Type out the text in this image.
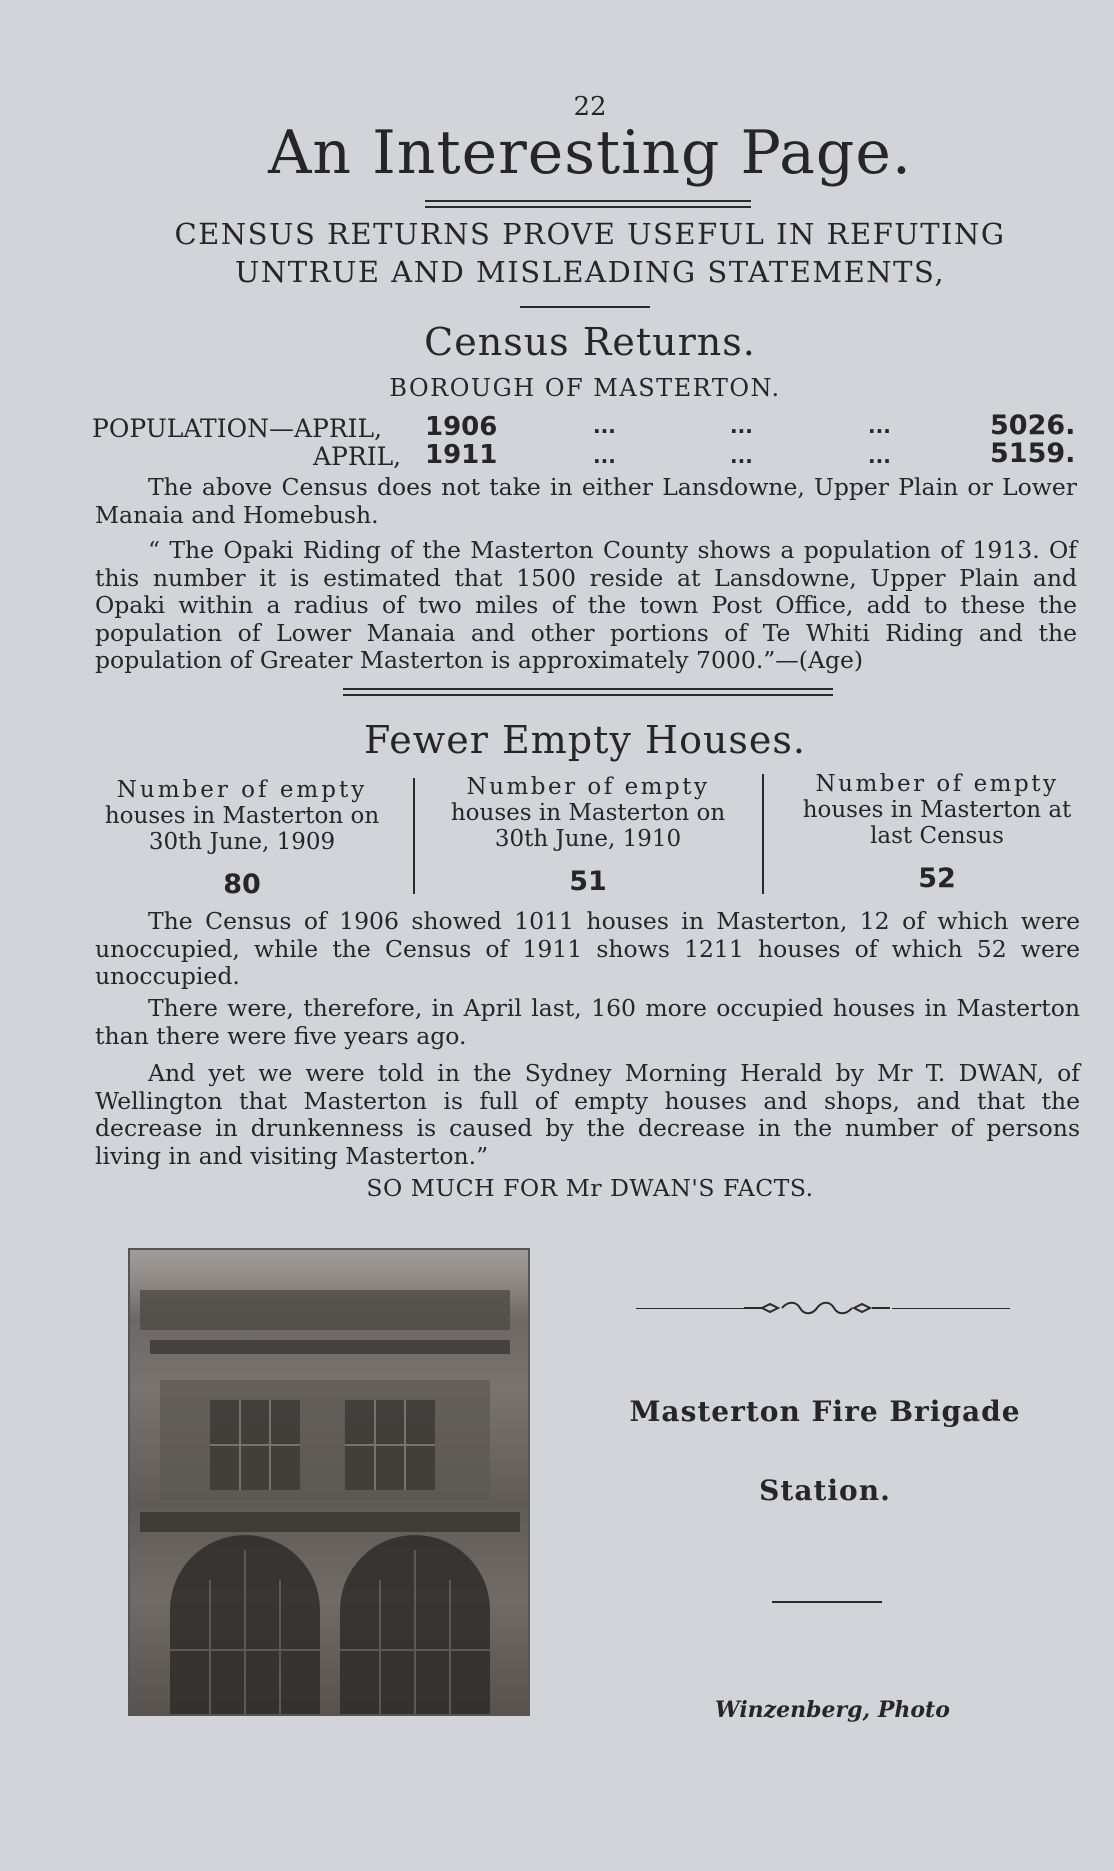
22
An Interesting Page.
CENSUS RETURNS PROVE USEFUL IN REFUTING
UNTRUE AND MISLEADING STATEMENTS,
Census Returns.
BOROUGH OF MASTERTON.
POPULATION—APRIL, 1906	...	...	...	5026.
APRIL, 1911	...	...	...	5159.
The above Census does not take in either Lansdowne, Upper Plain or Lower Manaia and Homebush.
“ The Opaki Riding of the Masterton County shows a population of 1913. Of this number it is estimated that 1500 reside at Lansdowne, Upper Plain and Opaki within a radius of two miles of the town Post Office, add to these the population of Lower Manaia and other portions of Te Whiti Riding and the population of Greater Masterton is approximately 7000.”—(Age)
Fewer Empty Houses.
Number of empty
houses in Masterton on
30th June, 1909
80
Number of empty
houses in Masterton on
30th June, 1910
51
Number of empty
houses in Masterton at
last Census
52
The Census of 1906 showed 1011 houses in Masterton, 12 of which were unoccupied, while the Census of 1911 shows 1211 houses of which 52 were unoccupied.
There were, therefore, in April last, 160 more occupied houses in Masterton than there were five years ago.
And yet we were told in the Sydney Morning Herald by Mr T. DWAN, of Wellington that Masterton is full of empty houses and shops, and that the decrease in drunkenness is caused by the decrease in the number of persons living in and visiting Masterton.”
SO MUCH FOR Mr DWAN'S FACTS.
Masterton Fire Brigade
Station.
Winzenberg, Photo
